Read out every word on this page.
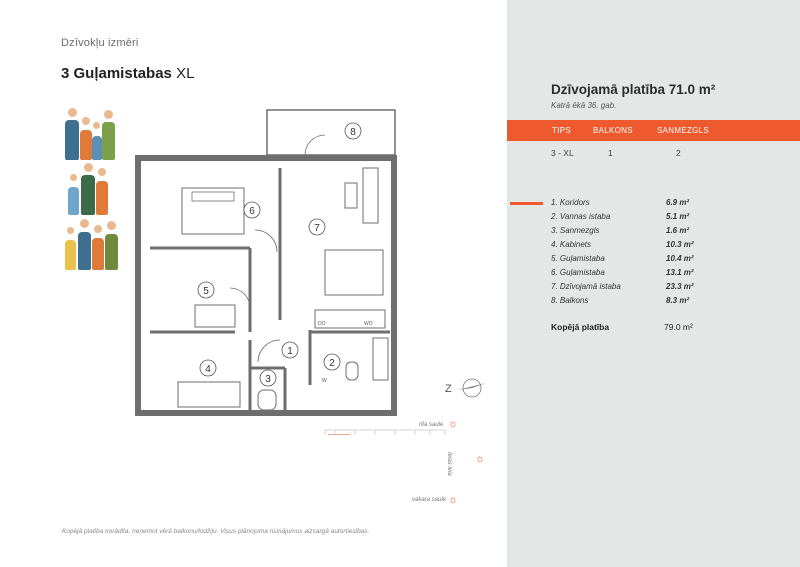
Dzīvokļu izmēri
3 Guļamistabas XL
1
2
3
4
5
6
7
8
DO	WO
W
Z
rīta saule ☼
Ielas iela ☼
vakara saule ☼
Kopējā platība norādīta, neņemot vērā balkonu/lodžiju. Visus plānojuma risinājumus aizsargā autortiesības.
Dzīvojamā platība 71.0 m²
Katrā ēkā 36. gab.
TIPS	BALKONS	SANMEZGLS
3 - XL	1	2
1. Koridors	6.9 m²
2. Vannas istaba	5.1 m²
3. Sanmezgls	1.6 m²
4. Kabinets	10.3 m²
5. Guļamistaba	10.4 m²
6. Guļamistaba	13.1 m²
7. Dzīvojamā istaba	23.3 m²
8. Balkons	8.3 m²
Kopējā platība	79.0 m²
